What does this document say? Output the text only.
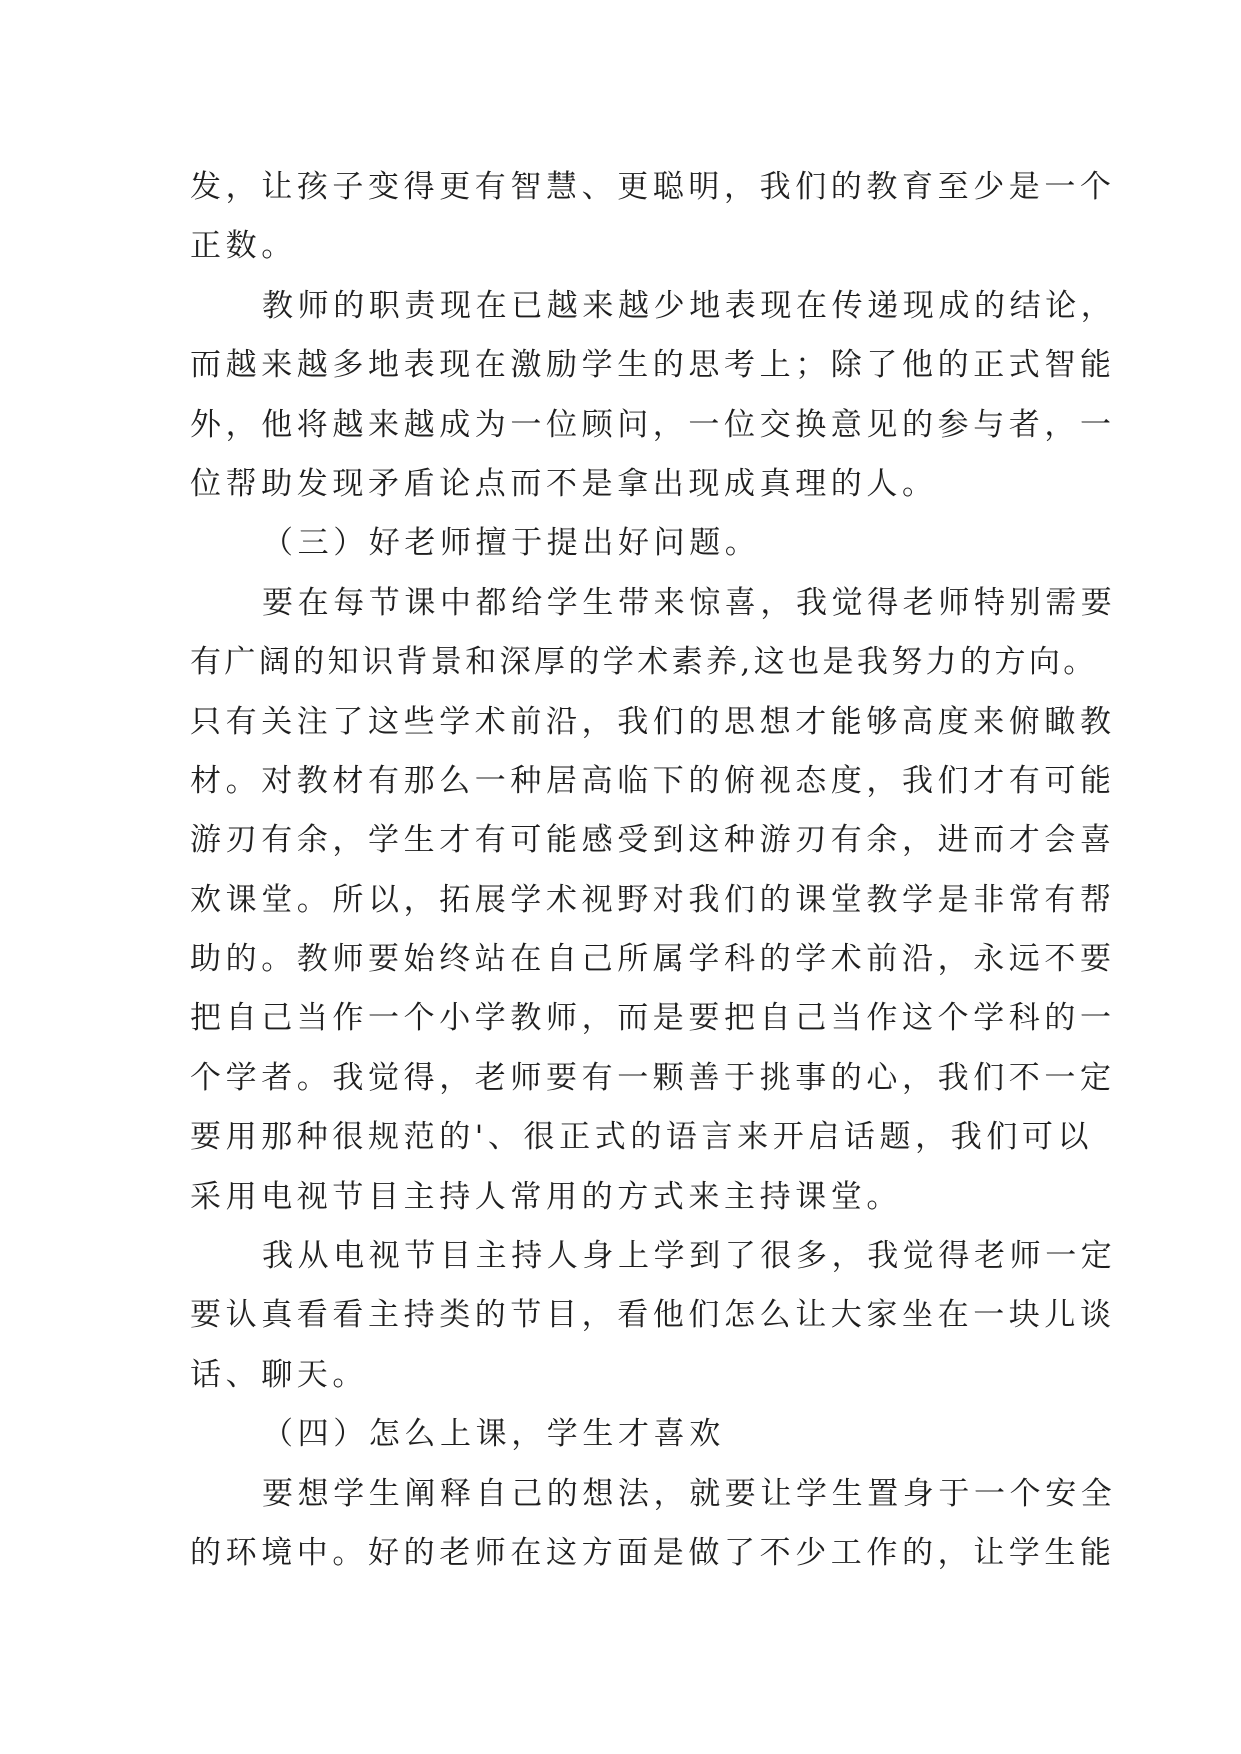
发，让孩子变得更有智慧、更聪明，我们的教育至少是一个
正数。
教师的职责现在已越来越少地表现在传递现成的结论，
而越来越多地表现在激励学生的思考上；除了他的正式智能
外，他将越来越成为一位顾问，一位交换意见的参与者，一
位帮助发现矛盾论点而不是拿出现成真理的人。
（三）好老师擅于提出好问题。
要在每节课中都给学生带来惊喜，我觉得老师特别需要
有广阔的知识背景和深厚的学术素养,这也是我努力的方向。
只有关注了这些学术前沿，我们的思想才能够高度来俯瞰教
材。对教材有那么一种居高临下的俯视态度，我们才有可能
游刃有余，学生才有可能感受到这种游刃有余，进而才会喜
欢课堂。所以，拓展学术视野对我们的课堂教学是非常有帮
助的。教师要始终站在自己所属学科的学术前沿，永远不要
把自己当作一个小学教师，而是要把自己当作这个学科的一
个学者。我觉得，老师要有一颗善于挑事的心，我们不一定
要用那种很规范的'、很正式的语言来开启话题，我们可以
采用电视节目主持人常用的方式来主持课堂。
我从电视节目主持人身上学到了很多，我觉得老师一定
要认真看看主持类的节目，看他们怎么让大家坐在一块儿谈
话、聊天。
（四）怎么上课，学生才喜欢
要想学生阐释自己的想法，就要让学生置身于一个安全
的环境中。好的老师在这方面是做了不少工作的，让学生能
